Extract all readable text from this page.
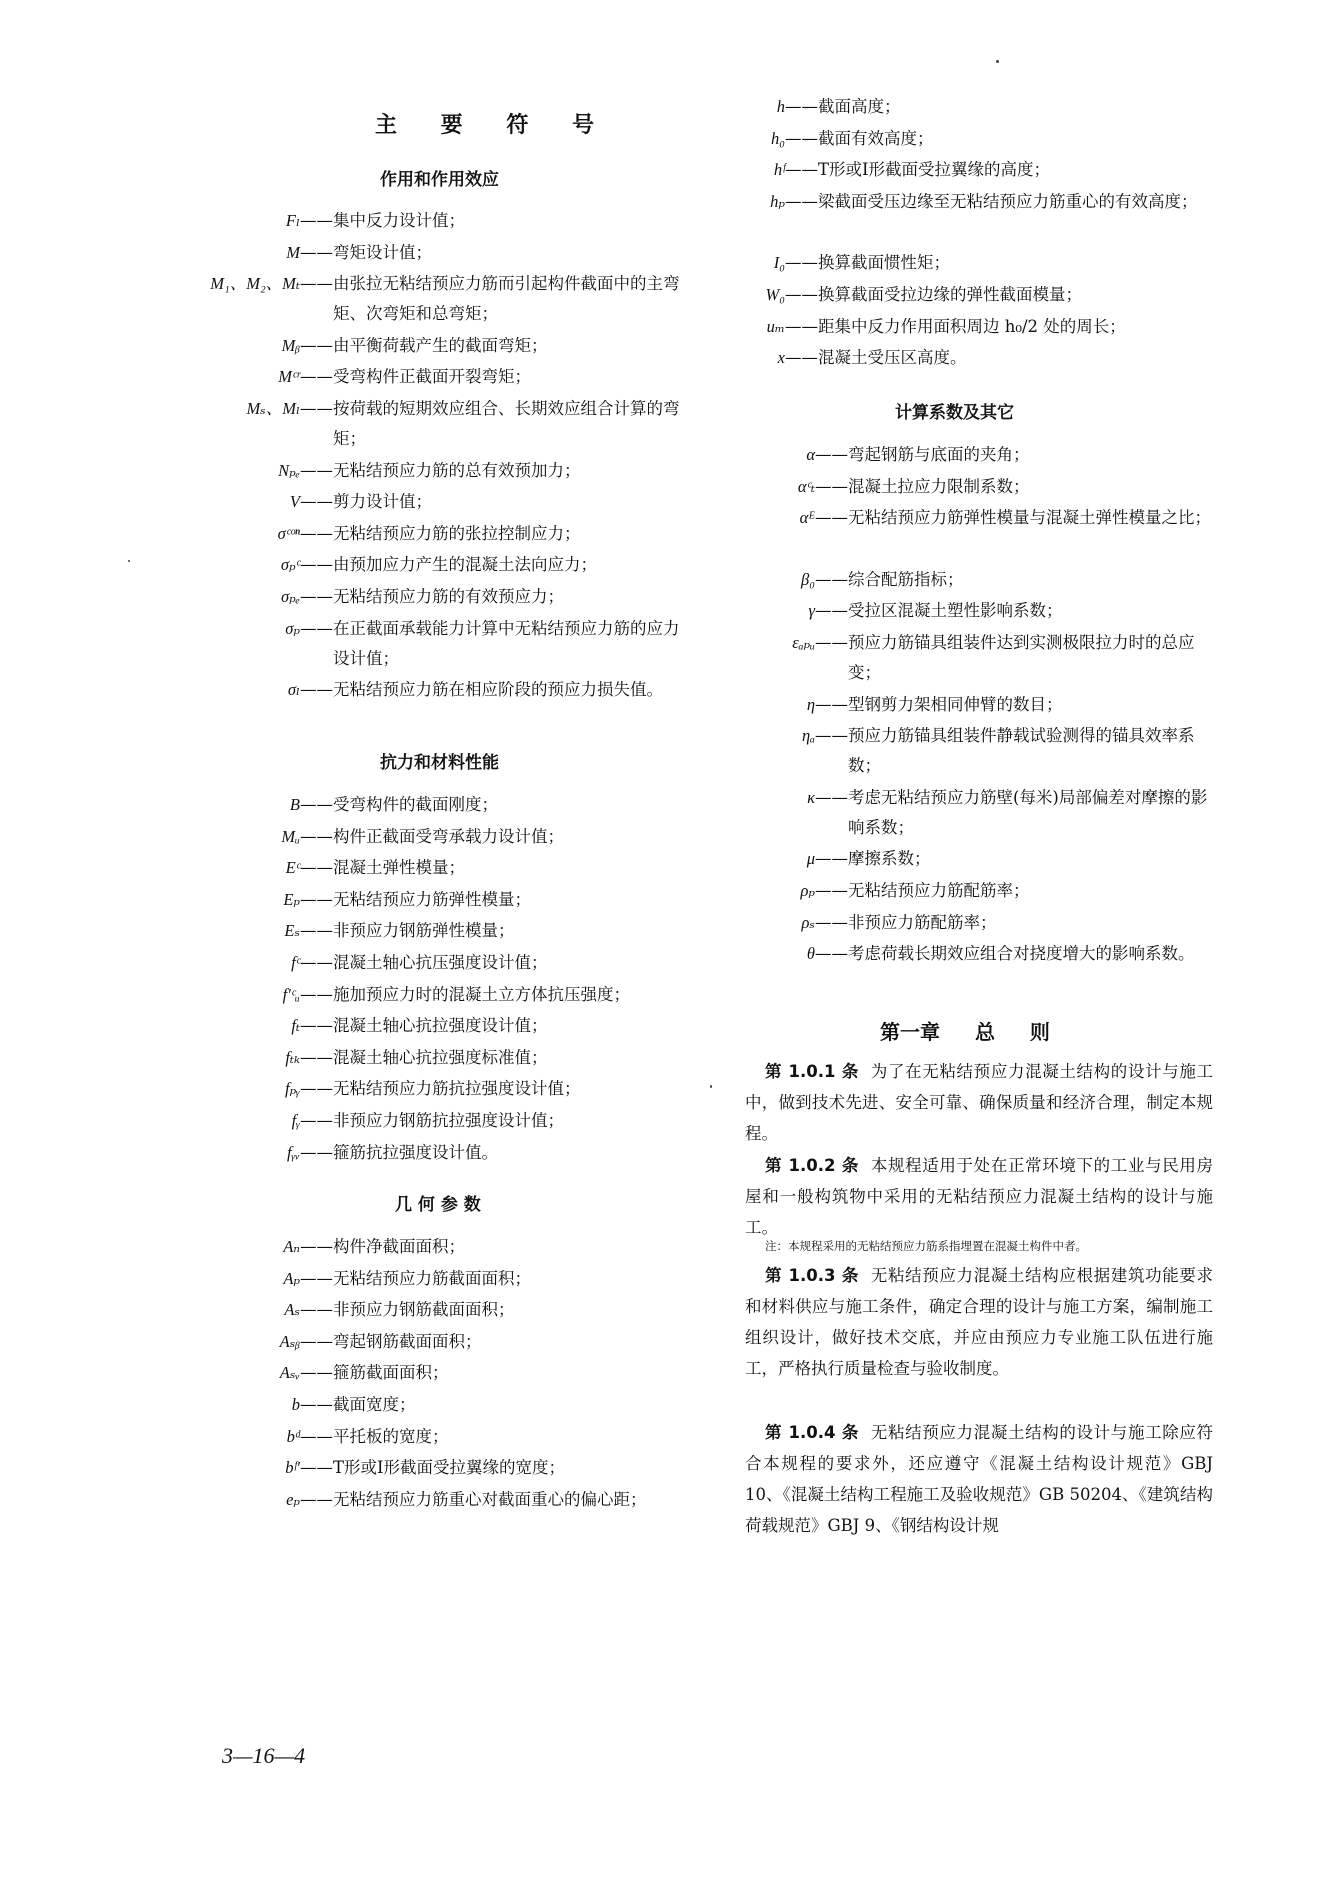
主 要 符 号
作用和作用效应
Fₗ——集中反力设计值；
M——弯矩设计值；
M₁、M₂、Mₜ——由张拉无粘结预应力筋而引起构件截面中的主弯矩、次弯矩和总弯矩；
Mᵦ——由平衡荷载产生的截面弯矩；
Mᶜʳ——受弯构件正截面开裂弯矩；
Mₛ、Mₗ——按荷载的短期效应组合、长期效应组合计算的弯矩；
Nₚₑ——无粘结预应力筋的总有效预加力；
V——剪力设计值；
σᶜᵒⁿ——无粘结预应力筋的张拉控制应力；
σₚᶜ——由预加应力产生的混凝土法向应力；
σₚₑ——无粘结预应力筋的有效预应力；
σₚ——在正截面承载能力计算中无粘结预应力筋的应力设计值；
σₗ——无粘结预应力筋在相应阶段的预应力损失值。
抗力和材料性能
B——受弯构件的截面刚度；
Mᵤ——构件正截面受弯承载力设计值；
Eᶜ——混凝土弹性模量；
Eₚ——无粘结预应力筋弹性模量；
Eₛ——非预应力钢筋弹性模量；
fᶜ——混凝土轴心抗压强度设计值；
f′ᶜᵤ——施加预应力时的混凝土立方体抗压强度；
fₜ——混凝土轴心抗拉强度设计值；
fₜₖ——混凝土轴心抗拉强度标准值；
fₚᵧ——无粘结预应力筋抗拉强度设计值；
fᵧ——非预应力钢筋抗拉强度设计值；
fᵧᵥ——箍筋抗拉强度设计值。
几 何 参 数
Aₙ——构件净截面面积；
Aₚ——无粘结预应力筋截面面积；
Aₛ——非预应力钢筋截面面积；
Aₛᵦ——弯起钢筋截面面积；
Aₛᵥ——箍筋截面面积；
b——截面宽度；
bᵈ——平托板的宽度；
bᶠ′——T形或I形截面受拉翼缘的宽度；
eₚ——无粘结预应力筋重心对截面重心的偏心距；
h——截面高度；
h₀——截面有效高度；
hᶠ——T形或I形截面受拉翼缘的高度；
hₚ——梁截面受压边缘至无粘结预应力筋重心的有效高度；
I₀——换算截面惯性矩；
W₀——换算截面受拉边缘的弹性截面模量；
uₘ——距集中反力作用面积周边 h₀/2 处的周长；
x——混凝土受压区高度。
计算系数及其它
α——弯起钢筋与底面的夹角；
αᶜₜ——混凝土拉应力限制系数；
αᴱ——无粘结预应力筋弹性模量与混凝土弹性模量之比；
β₀——综合配筋指标；
γ——受拉区混凝土塑性影响系数；
εₐₚᵤ——预应力筋锚具组装件达到实测极限拉力时的总应变；
η——型钢剪力架相同伸臂的数目；
ηₐ——预应力筋锚具组装件静载试验测得的锚具效率系数；
κ——考虑无粘结预应力筋壁(每米)局部偏差对摩擦的影响系数；
μ——摩擦系数；
ρₚ——无粘结预应力筋配筋率；
ρₛ——非预应力筋配筋率；
θ——考虑荷载长期效应组合对挠度增大的影响系数。
第一章 总 则
第 1.0.1 条 为了在无粘结预应力混凝土结构的设计与施工中，做到技术先进、安全可靠、确保质量和经济合理，制定本规程。
第 1.0.2 条 本规程适用于处在正常环境下的工业与民用房屋和一般构筑物中采用的无粘结预应力混凝土结构的设计与施工。
注：本规程采用的无粘结预应力筋系指埋置在混凝土构件中者。
第 1.0.3 条 无粘结预应力混凝土结构应根据建筑功能要求和材料供应与施工条件，确定合理的设计与施工方案，编制施工组织设计，做好技术交底，并应由预应力专业施工队伍进行施工，严格执行质量检查与验收制度。
第 1.0.4 条 无粘结预应力混凝土结构的设计与施工除应符合本规程的要求外，还应遵守《混凝土结构设计规范》GBJ 10、《混凝土结构工程施工及验收规范》GB 50204、《建筑结构荷载规范》GBJ 9、《钢结构设计规
3—16—4
